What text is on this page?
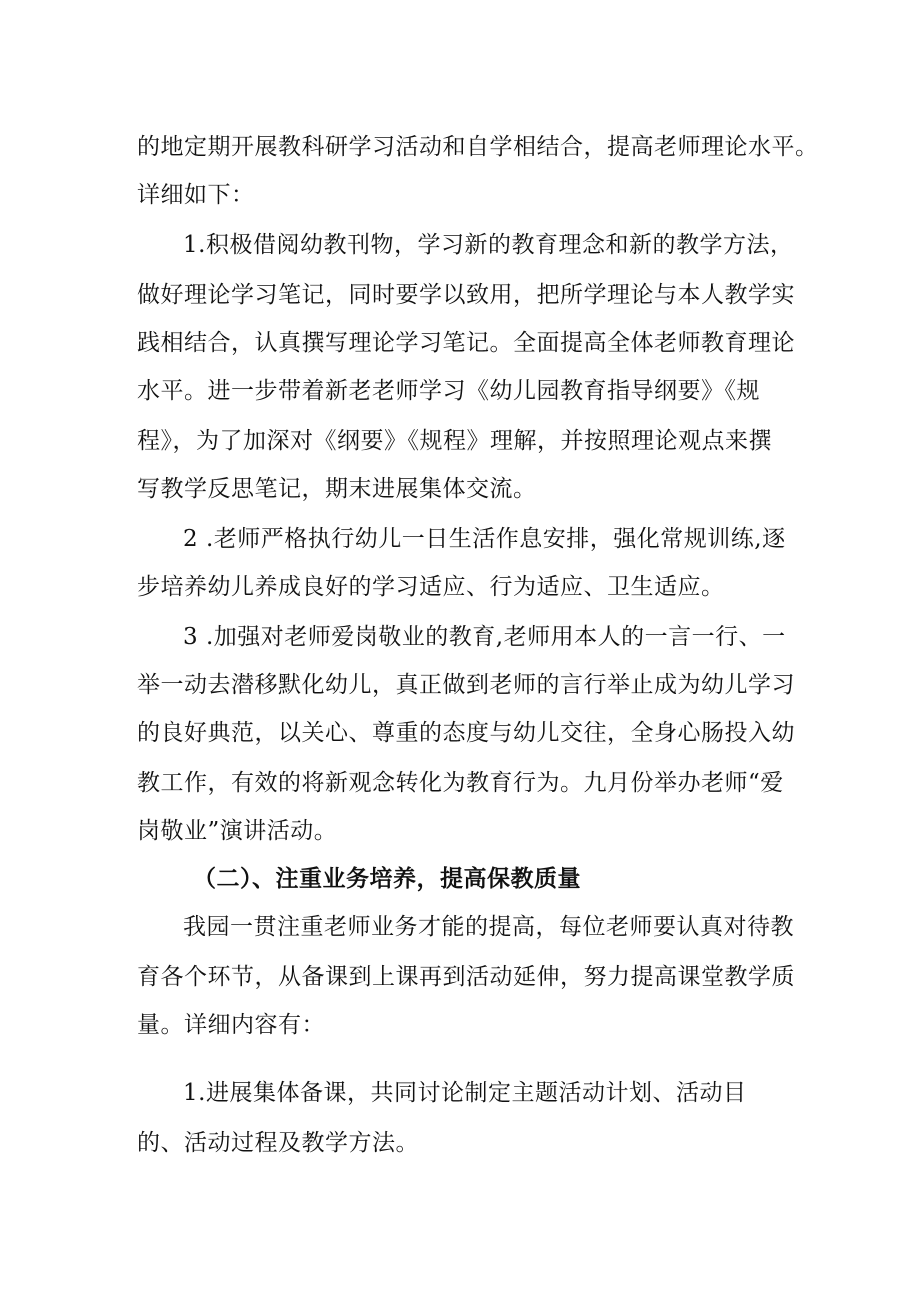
的地定期开展教科研学习活动和自学相结合，提高老师理论水平。
详细如下：
1.积极借阅幼教刊物，学习新的教育理念和新的教学方法，
做好理论学习笔记，同时要学以致用，把所学理论与本人教学实
践相结合，认真撰写理论学习笔记。全面提高全体老师教育理论
水平。进一步带着新老老师学习《幼儿园教育指导纲要》《规
程》，为了加深对《纲要》《规程》理解，并按照理论观点来撰
写教学反思笔记，期末进展集体交流。
2 .老师严格执行幼儿一日生活作息安排，强化常规训练,逐
步培养幼儿养成良好的学习适应、行为适应、卫生适应。
3 .加强对老师爱岗敬业的教育,老师用本人的一言一行、一
举一动去潜移默化幼儿，真正做到老师的言行举止成为幼儿学习
的良好典范，以关心、尊重的态度与幼儿交往，全身心肠投入幼
教工作，有效的将新观念转化为教育行为。九月份举办老师“爱
岗敬业”演讲活动。
（二）、注重业务培养，提高保教质量
我园一贯注重老师业务才能的提高，每位老师要认真对待教
育各个环节，从备课到上课再到活动延伸，努力提高课堂教学质
量。详细内容有：
1.进展集体备课，共同讨论制定主题活动计划、活动目
的、活动过程及教学方法。
